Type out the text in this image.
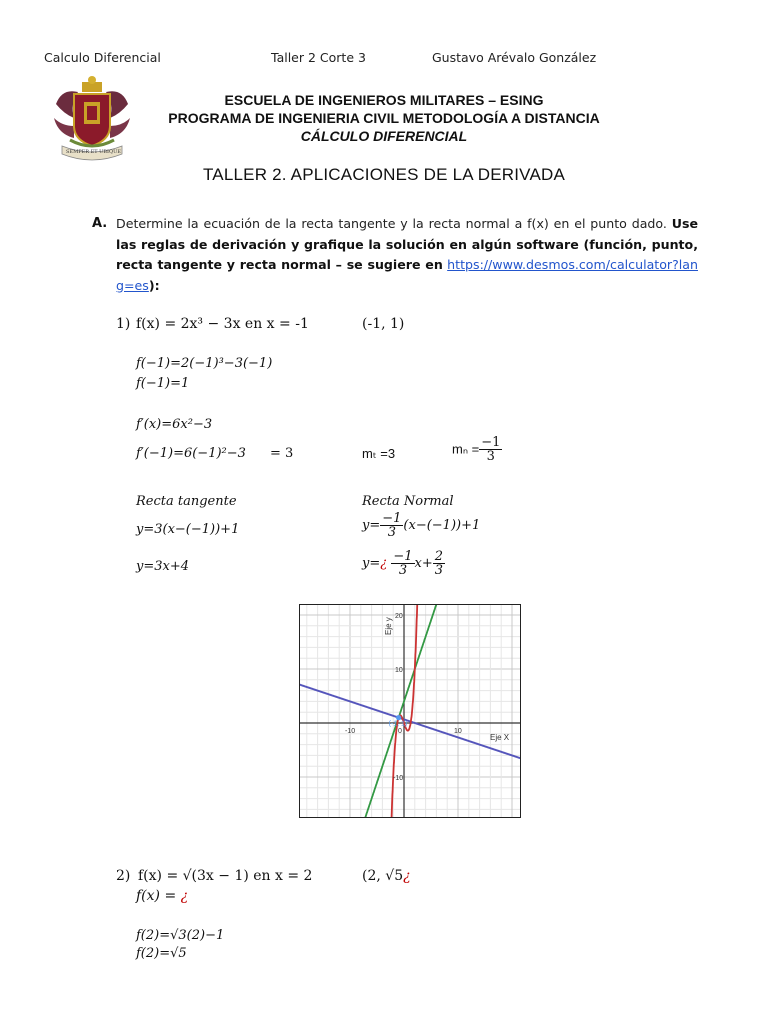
Calculo Diferencial	Taller 2 Corte 3	Gustavo Arévalo González
SEMPER ET UBIQUE
ESCUELA DE INGENIEROS MILITARES – ESING
PROGRAMA DE INGENIERIA CIVIL METODOLOGÍA A DISTANCIA
CÁLCULO DIFERENCIAL
TALLER 2. APLICACIONES DE LA DERIVADA
A. Determine la ecuación de la recta tangente y la recta normal a f(x) en el punto dado. Use las reglas de derivación y grafique la solución en algún software (función, punto, recta tangente y recta normal – se sugiere en https://www.desmos.com/calculator?lang=es):
1) f(x) = 2x³ − 3x en x = -1	(-1, 1)
f(−1)=2(−1)³−3(−1)
f(−1)=1
f′(x)=6x²−3
f′(−1)=6(−1)²−3 = 3	mₜ =3	$m_n = \frac{-1}{3}$
Recta tangente	Recta Normal
y=3(x−(−1))+1
y=3x+4
$y= \frac{-1}{3} (x-(-1))+1$
y=¿ $\frac{-1}{3} x+ \frac{2}{3}$
-10	0	10
20
10
-10
Eje X
Eje y
(-1, 1)
2) f(x) = √(3x − 1) en x = 2	(2, √5¿
f(x) = ¿
f(2)=√3(2)−1
f(2)=√5
